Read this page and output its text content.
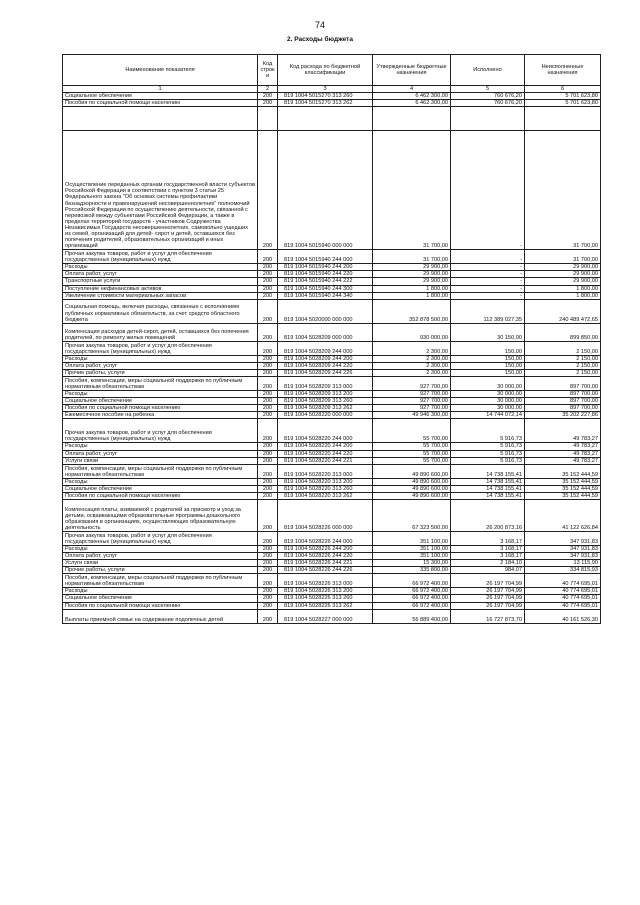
74
2. Расходы бюджета
Наименование показателя	Код строк и	Код расхода по бюджетной классификации	Утвержденные бюджетные назначения	Исполнено	Неисполненные назначения
1	2	3	4	5	6
Социальное обеспечение	200	819 1004 5015270 313 260	6 462 300,00	760 676,20	5 701 623,80
Пособия по социальной помощи населению	200	819 1004 5015270 313 262	6 462 300,00	760 676,20	5 701 623,80

Осуществление переданных органам государственной власти субъектов Российской Федерации в соответствии с пунктом 3 статьи 25 Федерального закона "Об основах системы профилактики безнадзорности и правонарушений несовершеннолетних" полномочий Российской Федерации по осуществлению деятельности, связанной с перевозкой между субъектами Российской Федерации, а также в пределах территорий государств - участников Содружества Независимых Государств несовершеннолетних, самовольно ушедших из семей, организаций для детей- сирот и детей, оставшихся без попечения родителей, образовательных организаций и иных организаций	200	819 1004 5015940 000 000	31 700,00	-	31 700,00
Прочая закупка товаров, работ и услуг для обеспечения государственных (муниципальных) нужд	200	819 1004 5015940 244 000	31 700,00	-	31 700,00
Расходы	200	819 1004 5015940 244 200	29 900,00	-	29 900,00
Оплата работ, услуг	200	819 1004 5015940 244 220	29 900,00	-	29 900,00
Транспортные услуги	200	819 1004 5015940 244 222	29 900,00	-	29 900,00
Поступление нефинансовых активов	200	819 1004 5015940 244 300	1 800,00	-	1 800,00
Увеличение стоимости материальных запасов	200	819 1004 5015940 244 340	1 800,00	-	1 800,00
Социальная помощь, включая расходы, связанные с исполнением публичных нормативных обязательств, за счет средств областного бюджета	200	819 1004 5020000 000 000	352 878 500,00	112 389 027,35	240 489 472,65
Компенсация расходов детей-сирот, детей, оставшихся без попечения родителей, по ремонту жилых помещений	200	819 1004 5028209 000 000	930 000,00	30 150,00	899 850,00
Прочая закупка товаров, работ и услуг для обеспечения государственных (муниципальных) нужд	200	819 1004 5028209 244 000	2 300,00	150,00	2 150,00
Расходы	200	819 1004 5028209 244 200	2 300,00	150,00	2 150,00
Оплата работ, услуг	200	819 1004 5028209 244 220	2 300,00	150,00	2 150,00
Прочие работы, услуги	200	819 1004 5028209 244 226	2 300,00	150,00	2 150,00
Пособия, компенсации, меры социальной поддержки по публичным нормативным обязательствам	200	819 1004 5028209 313 000	927 700,00	30 000,00	897 700,00
Расходы	200	819 1004 5028209 313 200	927 700,00	30 000,00	897 700,00
Социальное обеспечение	200	819 1004 5028209 313 260	927 700,00	30 000,00	897 700,00
Пособия по социальной помощи населению	200	819 1004 5028209 313 262	927 700,00	30 000,00	897 700,00
Ежемесячное пособие на ребенка	200	819 1004 5028220 000 000	49 946 300,00	14 744 072,14	35 202 227,86
Прочая закупка товаров, работ и услуг для обеспечения государственных (муниципальных) нужд	200	819 1004 5028220 244 000	55 700,00	5 916,73	49 783,27
Расходы	200	819 1004 5028220 244 200	55 700,00	5 916,73	49 783,27
Оплата работ, услуг	200	819 1004 5028220 244 220	55 700,00	5 916,73	49 783,27
Услуги связи	200	819 1004 5028220 244 221	55 700,00	5 916,73	49 783,27
Пособия, компенсации, меры социальной поддержки по публичным нормативным обязательствам	200	819 1004 5028220 313 000	49 890 600,00	14 738 155,41	35 152 444,59
Расходы	200	819 1004 5028220 313 200	49 890 600,00	14 738 155,41	35 152 444,59
Социальное обеспечение	200	819 1004 5028220 313 260	49 890 600,00	14 738 155,41	35 152 444,59
Пособия по социальной помощи населению	200	819 1004 5028220 313 262	49 890 600,00	14 738 155,41	35 152 444,59
Компенсация платы, взимаемой с родителей за присмотр и уход за детьми, осваивающими образовательные программы дошкольного образования в организациях, осуществляющих образовательную деятельность	200	819 1004 5028226 000 000	67 323 500,00	26 200 873,16	41 122 626,84
Прочая закупка товаров, работ и услуг для обеспечения государственных (муниципальных) нужд	200	819 1004 5028226 244 000	351 100,00	3 168,17	347 931,83
Расходы	200	819 1004 5028226 244 200	351 100,00	3 168,17	347 931,83
Оплата работ, услуг	200	819 1004 5028226 244 220	351 100,00	3 168,17	347 931,83
Услуги связи	200	819 1004 5028226 244 221	15 300,00	2 184,10	13 115,90
Прочие работы, услуги	200	819 1004 5028226 244 226	335 800,00	984,07	334 815,93
Пособия, компенсации, меры социальной поддержки по публичным нормативным обязательствам	200	819 1004 5028226 313 000	66 972 400,00	26 197 704,99	40 774 695,01
Расходы	200	819 1004 5028226 313 200	66 972 400,00	26 197 704,99	40 774 695,01
Социальное обеспечение	200	819 1004 5028226 313 260	66 972 400,00	26 197 704,99	40 774 695,01
Пособия по социальной помощи населению	200	819 1004 5028226 313 262	66 972 400,00	26 197 704,99	40 774 695,01
Выплаты приемной семье на содержание подопечных детей	200	819 1004 5028227 000 000	56 889 400,00	16 727 873,70	40 161 526,30
